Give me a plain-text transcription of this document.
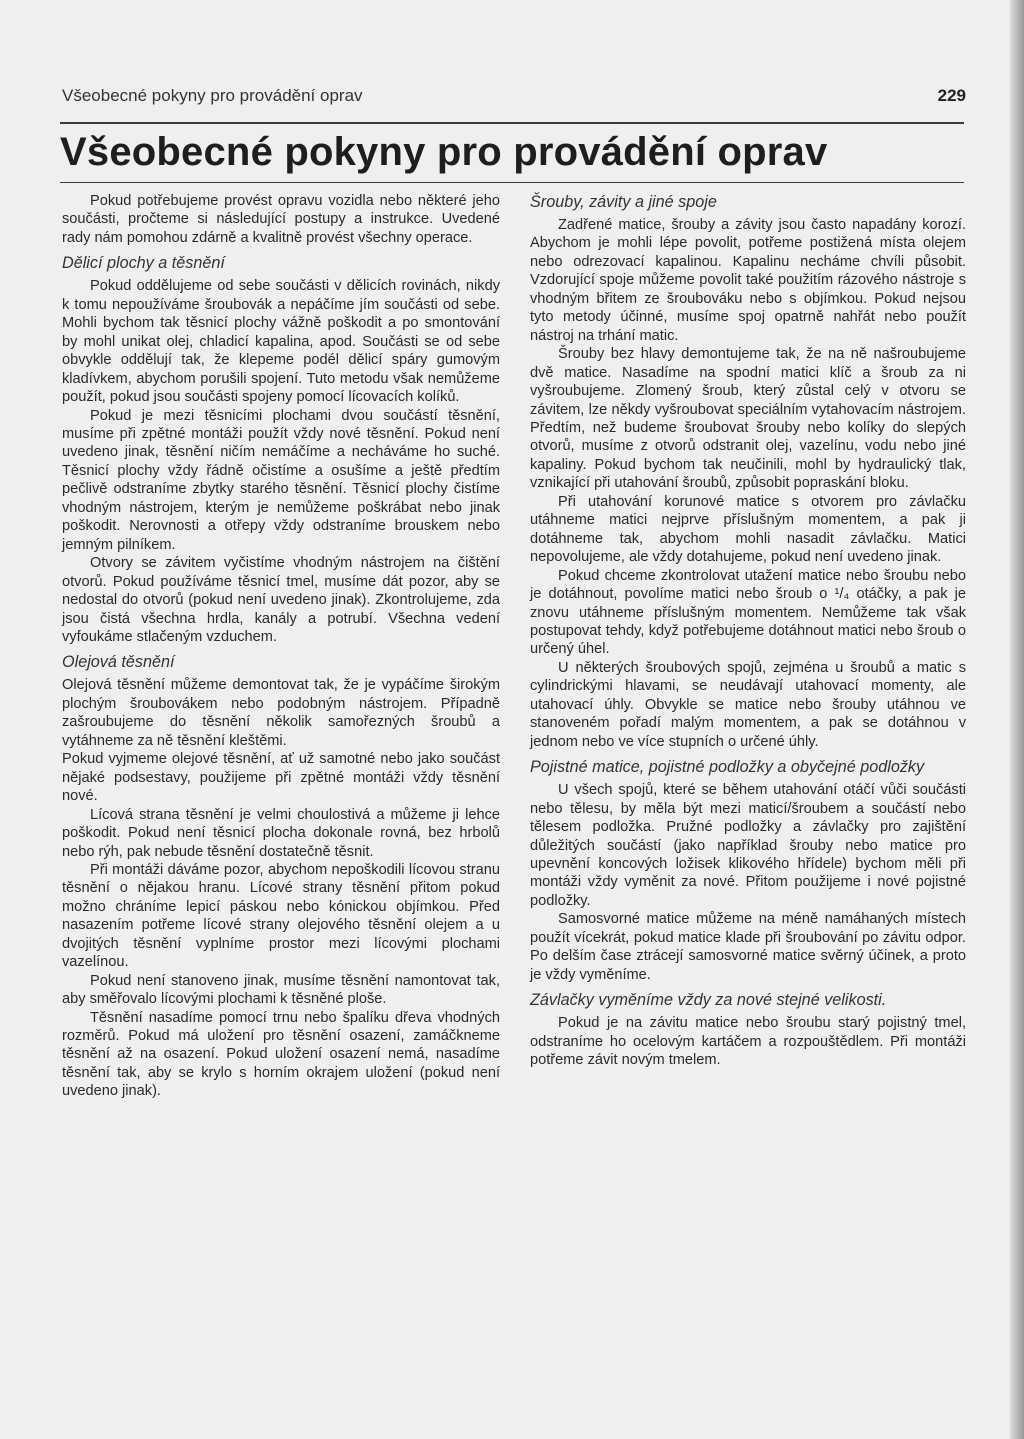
Všeobecné pokyny pro provádění oprav	229
Všeobecné pokyny pro provádění oprav

Pokud potřebujeme provést opravu vozidla nebo některé jeho součásti, pročteme si následující postupy a instrukce. Uvedené rady nám pomohou zdárně a kvalitně provést všechny operace.

Dělicí plochy a těsnění

Pokud oddělujeme od sebe součásti v dělicích rovinách, nikdy k tomu nepoužíváme šroubovák a nepáčíme jím součásti od sebe. Mohli bychom tak těsnicí plochy vážně poškodit a po smontování by mohl unikat olej, chladicí kapalina, apod. Součásti se od sebe obvykle oddělují tak, že klepeme podél dělicí spáry gumovým kladívkem, abychom porušili spojení. Tuto metodu však nemůžeme použít, pokud jsou součásti spojeny pomocí lícovacích kolíků.

Pokud je mezi těsnicími plochami dvou součástí těsnění, musíme při zpětné montáži použít vždy nové těsnění. Pokud není uvedeno jinak, těsnění ničím nemáčíme a necháváme ho suché. Těsnicí plochy vždy řádně očistíme a osušíme a ještě předtím pečlivě odstraníme zbytky starého těsnění. Těsnicí plochy čistíme vhodným nástrojem, kterým je nemůžeme poškrábat nebo jinak poškodit. Nerovnosti a otřepy vždy odstraníme brouskem nebo jemným pilníkem.

Otvory se závitem vyčistíme vhodným nástrojem na čištění otvorů. Pokud používáme těsnicí tmel, musíme dát pozor, aby se nedostal do otvorů (pokud není uvedeno jinak). Zkontrolujeme, zda jsou čistá všechna hrdla, kanály a potrubí. Všechna vedení vyfoukáme stlačeným vzduchem.

Olejová těsnění

Olejová těsnění můžeme demontovat tak, že je vypáčíme širokým plochým šroubovákem nebo podobným nástrojem. Případně zašroubujeme do těsnění několik samořezných šroubů a vytáhneme za ně těsnění kleštěmi.

Pokud vyjmeme olejové těsnění, ať už samotné nebo jako součást nějaké podsestavy, použijeme při zpětné montáži vždy těsnění nové.

Lícová strana těsnění je velmi choulostivá a můžeme ji lehce poškodit. Pokud není těsnicí plocha dokonale rovná, bez hrbolů nebo rýh, pak nebude těsnění dostatečně těsnit.

Při montáži dáváme pozor, abychom nepoškodili lícovou stranu těsnění o nějakou hranu. Lícové strany těsnění přitom pokud možno chráníme lepicí páskou nebo kónickou objímkou. Před nasazením potřeme lícové strany olejového těsnění olejem a u dvojitých těsnění vyplníme prostor mezi lícovými plochami vazelínou.

Pokud není stanoveno jinak, musíme těsnění namontovat tak, aby směřovalo lícovými plochami k těsněné ploše.

Těsnění nasadíme pomocí trnu nebo špalíku dřeva vhodných rozměrů. Pokud má uložení pro těsnění osazení, zamáčkneme těsnění až na osazení. Pokud uložení osazení nemá, nasadíme těsnění tak, aby se krylo s horním okrajem uložení (pokud není uvedeno jinak).

Šrouby, závity a jiné spoje

Zadřené matice, šrouby a závity jsou často napadány korozí. Abychom je mohli lépe povolit, potřeme postižená místa olejem nebo odrezovací kapalinou. Kapalinu necháme chvíli působit. Vzdorující spoje můžeme povolit také použitím rázového nástroje s vhodným břitem ze šroubováku nebo s objímkou. Pokud nejsou tyto metody účinné, musíme spoj opatrně nahřát nebo použít nástroj na trhání matic.

Šrouby bez hlavy demontujeme tak, že na ně našroubujeme dvě matice. Nasadíme na spodní matici klíč a šroub za ni vyšroubujeme. Zlomený šroub, který zůstal celý v otvoru se závitem, lze někdy vyšroubovat speciálním vytahovacím nástrojem. Předtím, než budeme šroubovat šrouby nebo kolíky do slepých otvorů, musíme z otvorů odstranit olej, vazelínu, vodu nebo jiné kapaliny. Pokud bychom tak neučinili, mohl by hydraulický tlak, vznikající při utahování šroubů, způsobit popraskání bloku.

Při utahování korunové matice s otvorem pro závlačku utáhneme matici nejprve příslušným momentem, a pak ji dotáhneme tak, abychom mohli nasadit závlačku. Matici nepovolujeme, ale vždy dotahujeme, pokud není uvedeno jinak.

Pokud chceme zkontrolovat utažení matice nebo šroubu nebo je dotáhnout, povolíme matici nebo šroub o ¹/₄ otáčky, a pak je znovu utáhneme příslušným momentem. Nemůžeme tak však postupovat tehdy, když potřebujeme dotáhnout matici nebo šroub o určený úhel.

U některých šroubových spojů, zejména u šroubů a matic s cylindrickými hlavami, se neudávají utahovací momenty, ale utahovací úhly. Obvykle se matice nebo šrouby utáhnou ve stanoveném pořadí malým momentem, a pak se dotáhnou v jednom nebo ve více stupních o určené úhly.

Pojistné matice, pojistné podložky a obyčejné podložky

U všech spojů, které se během utahování otáčí vůči součásti nebo tělesu, by měla být mezi maticí/šroubem a součástí nebo tělesem podložka. Pružné podložky a závlačky pro zajištění důležitých součástí (jako například šrouby nebo matice pro upevnění koncových ložisek klikového hřídele) bychom měli při montáži vždy vyměnit za nové. Přitom použijeme i nové pojistné podložky.

Samosvorné matice můžeme na méně namáhaných místech použít vícekrát, pokud matice klade při šroubování po závitu odpor. Po delším čase ztrácejí samosvorné matice svěrný účinek, a proto je vždy vyměníme.

Závlačky vyměníme vždy za nové stejné velikosti.

Pokud je na závitu matice nebo šroubu starý pojistný tmel, odstraníme ho ocelovým kartáčem a rozpouštědlem. Při montáži potřeme závit novým tmelem.
